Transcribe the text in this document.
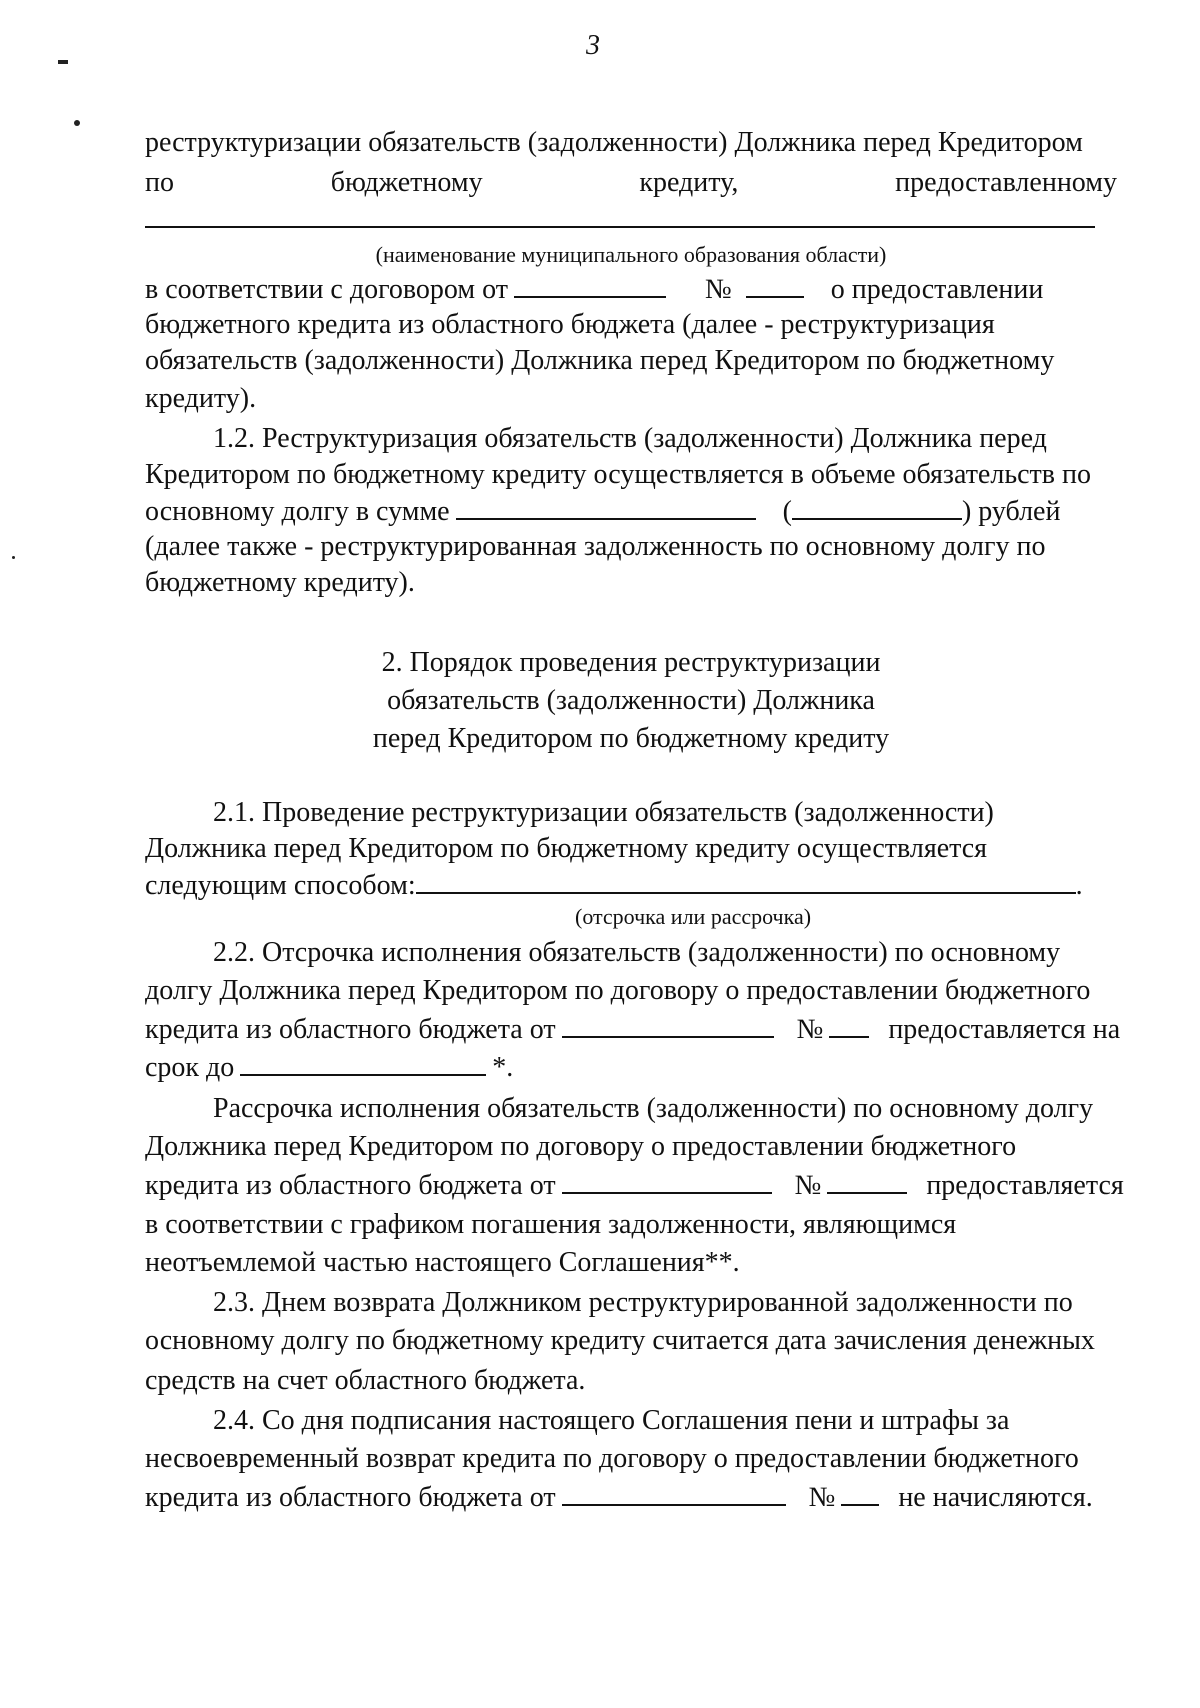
3
реструктуризации обязательств (задолженности) Должника перед Кредитором
по	бюджетному	кредиту,	предоставленному
(наименование муниципального образования области)
в соответствии с договором от	№	о предоставлении
бюджетного кредита из областного бюджета (далее - реструктуризация
обязательств (задолженности) Должника перед Кредитором по бюджетному
кредиту).
1.2. Реструктуризация обязательств (задолженности) Должника перед
Кредитором по бюджетному кредиту осуществляется в объеме обязательств по
основному долгу в сумме	(	) рублей
(далее также - реструктурированная задолженность по основному долгу по
бюджетному кредиту).
2. Порядок проведения реструктуризации
обязательств (задолженности) Должника
перед Кредитором по бюджетному кредиту
2.1. Проведение реструктуризации обязательств (задолженности)
Должника перед Кредитором по бюджетному кредиту осуществляется
следующим способом:	.
(отсрочка или рассрочка)
2.2. Отсрочка исполнения обязательств (задолженности) по основному
долгу Должника перед Кредитором по договору о предоставлении бюджетного
кредита из областного бюджета от	№ предоставляется на
срок до	*.
Рассрочка исполнения обязательств (задолженности) по основному долгу
Должника перед Кредитором по договору о предоставлении бюджетного
кредита из областного бюджета от	№	предоставляется
в соответствии с графиком погашения задолженности, являющимся
неотъемлемой частью настоящего Соглашения**.
2.3. Днем возврата Должником реструктурированной задолженности по
основному долгу по бюджетному кредиту считается дата зачисления денежных
средств на счет областного бюджета.
2.4. Со дня подписания настоящего Соглашения пени и штрафы за
несвоевременный возврат кредита по договору о предоставлении бюджетного
кредита из областного бюджета от	№ не начисляются.
